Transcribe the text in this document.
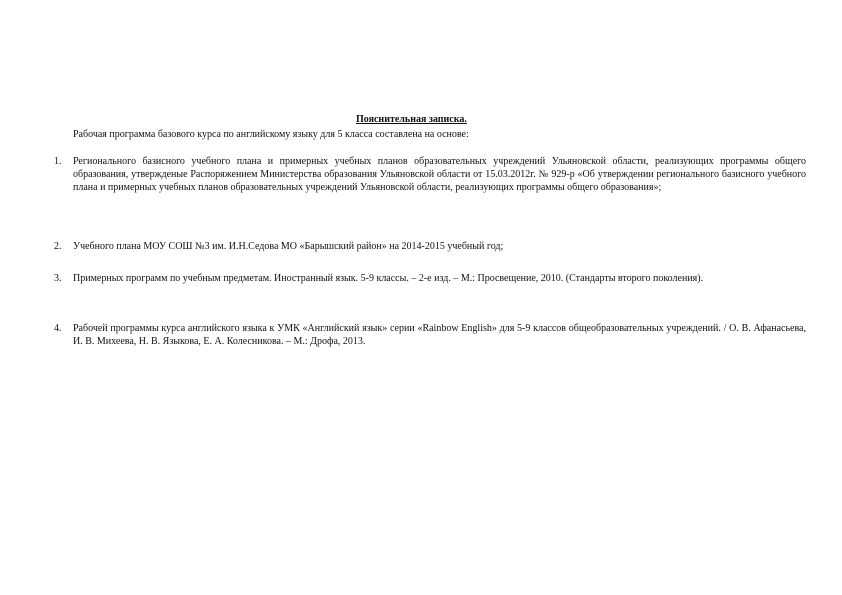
Пояснительная записка.
Рабочая программа базового курса по английскому языку для 5 класса составлена на основе:
1. Регионального базисного учебного плана и примерных учебных планов образовательных учреждений Ульяновской области, реализующих программы общего образования, утвержденые Распоряжением Министерства образования Ульяновской области от 15.03.2012г. № 929-р «Об утверждении регионального базисного учебного плана и примерных учебных планов образовательных учреждений Ульяновской области, реализующих программы общего образования»;
2. Учебного плана МОУ СОШ №3 им. И.Н.Седова МО «Барышский район» на 2014-2015 учебный год;
3. Примерных программ по учебным предметам. Иностранный язык. 5-9 классы. – 2-е изд. – М.: Просвещение, 2010. (Стандарты второго поколения).
4. Рабочей программы курса английского языка к УМК «Английский язык» серии «Rainbow English» для 5-9 классов общеобразовательных учреждений. / О. В. Афанасьева, И. В. Михеева, Н. В. Языкова, Е. А. Колесникова. – М.: Дрофа, 2013.
